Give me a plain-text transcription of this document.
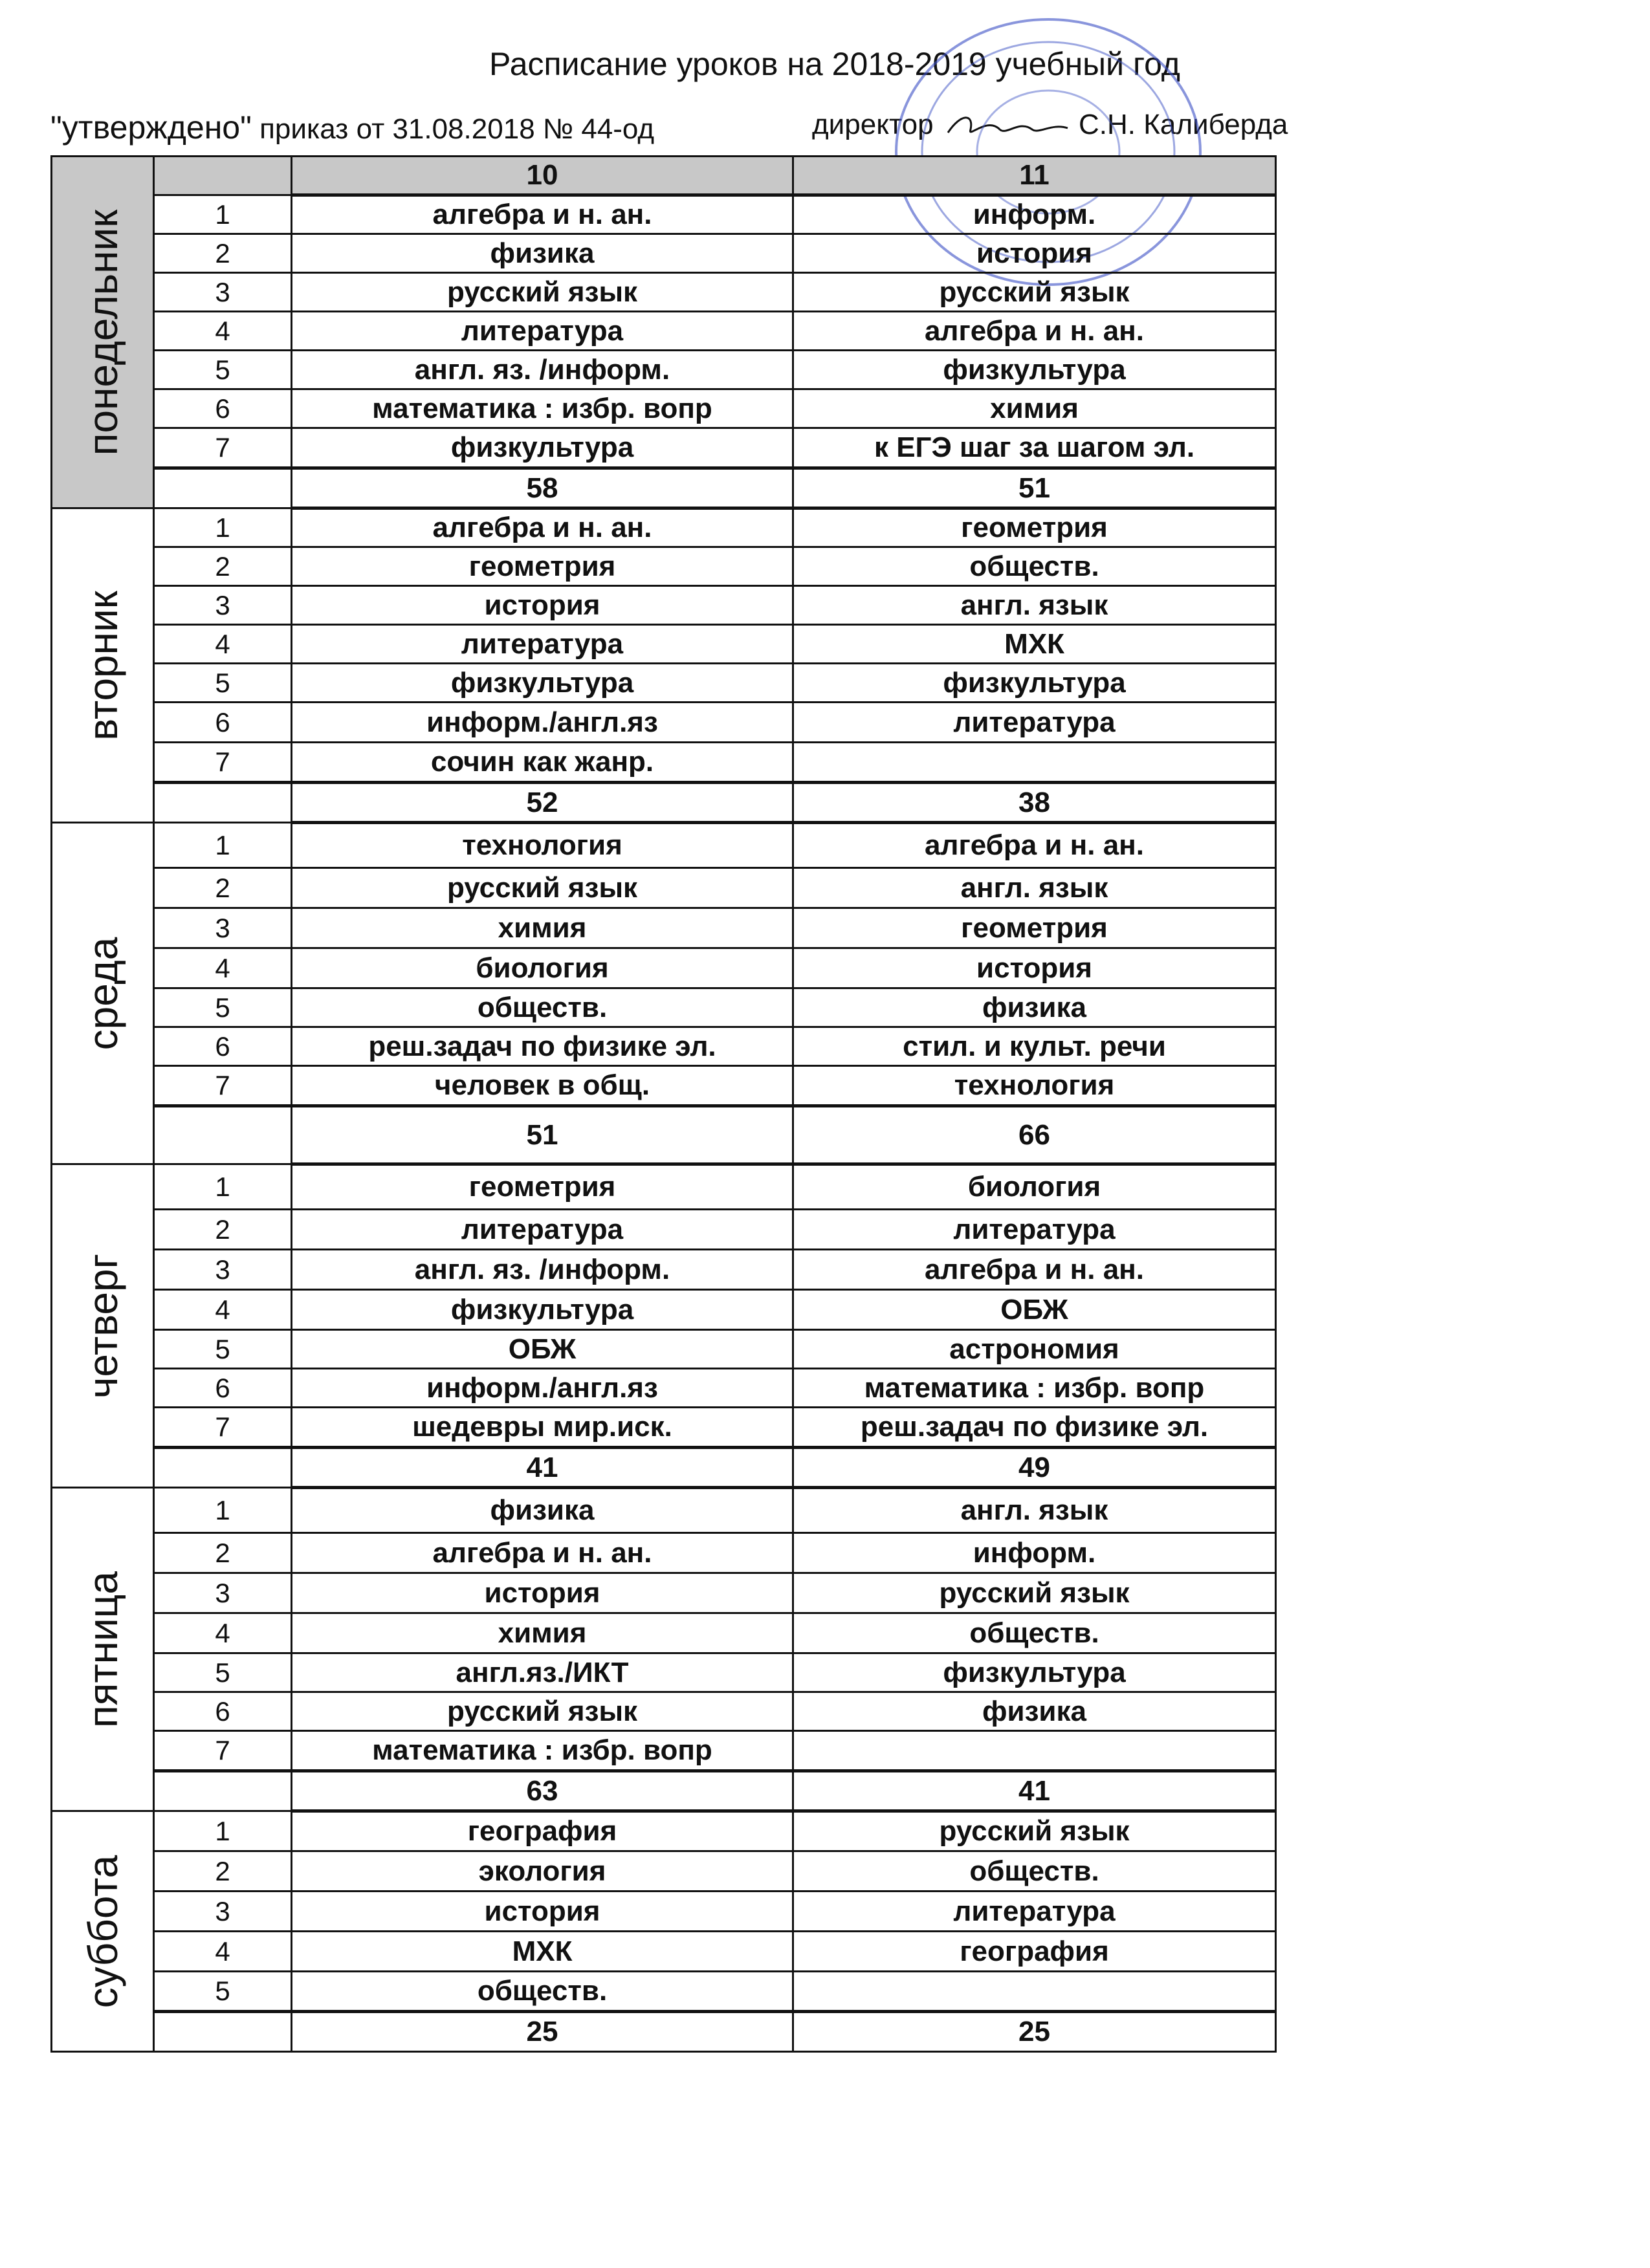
Расписание уроков на 2018-2019 учебный год
"утверждено" приказ от 31.08.2018 № 44-од	директор	С.Н. Калиберда
понедельник		10	11
	1	алгебра и н. ан.	информ.
	2	физика	история
	3	русский язык	русский язык
	4	литература	алгебра и н. ан.
	5	англ. яз. /информ.	физкультура
	6	математика : избр. вопр	химия
	7	физкультура	к ЕГЭ шаг за шагом эл.
		58	51

вторник	1	алгебра и н. ан.	геометрия
	2	геометрия	обществ.
	3	история	англ. язык
	4	литература	МХК
	5	физкультура	физкультура
	6	информ./англ.яз	литература
	7	сочин как жанр.	
		52	38

среда	1	технология	алгебра и н. ан.
	2	русский язык	англ. язык
	3	химия	геометрия
	4	биология	история
	5	обществ.	физика
	6	реш.задач по физике эл.	стил. и культ. речи
	7	человек в общ.	технология
		51	66

четверг	1	геометрия	биология
	2	литература	литература
	3	англ. яз. /информ.	алгебра и н. ан.
	4	физкультура	ОБЖ
	5	ОБЖ	астрономия
	6	информ./англ.яз	математика : избр. вопр
	7	шедевры мир.иск.	реш.задач по физике эл.
		41	49

пятница	1	физика	англ. язык
	2	алгебра и н. ан.	информ.
	3	история	русский язык
	4	химия	обществ.
	5	англ.яз./ИКТ	физкультура
	6	русский язык	физика
	7	математика : избр. вопр	
		63	41

суббота	1	география	русский язык
	2	экология	обществ.
	3	история	литература
	4	МХК	география
	5	обществ.	
		25	25
